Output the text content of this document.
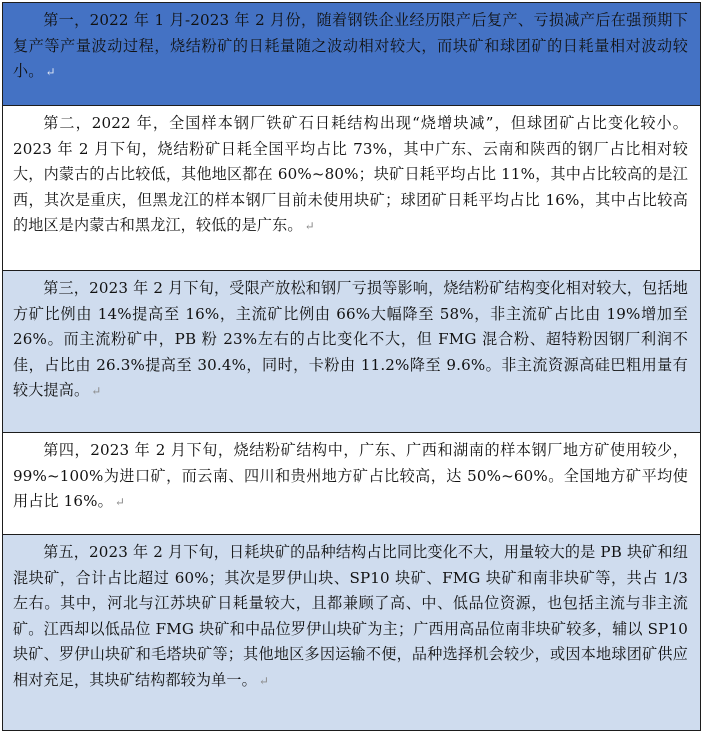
第一，2022 年 1 月-2023 年 2 月份，随着钢铁企业经历限产后复产、亏损减产后在强预期下复产等产量波动过程，烧结粉矿的日耗量随之波动相对较大，而块矿和球团矿的日耗量相对波动较小。 ↵
第二，2022 年，全国样本钢厂铁矿石日耗结构出现“烧增块减”，但球团矿占比变化较小。2023 年 2 月下旬，烧结粉矿日耗全国平均占比 73%，其中广东、云南和陕西的钢厂占比相对较大，内蒙古的占比较低，其他地区都在 60%~80%；块矿日耗平均占比 11%，其中占比较高的是江西，其次是重庆，但黑龙江的样本钢厂目前未使用块矿；球团矿日耗平均占比 16%，其中占比较高的地区是内蒙古和黑龙江，较低的是广东。 ↵
第三，2023 年 2 月下旬，受限产放松和钢厂亏损等影响，烧结粉矿结构变化相对较大，包括地方矿比例由 14%提高至 16%，主流矿比例由 66%大幅降至 58%，非主流矿占比由 19%增加至 26%。而主流粉矿中，PB 粉 23%左右的占比变化不大，但 FMG 混合粉、超特粉因钢厂利润不佳，占比由 26.3%提高至 30.4%，同时，卡粉由 11.2%降至 9.6%。非主流资源高硅巴粗用量有较大提高。 ↵
第四，2023 年 2 月下旬，烧结粉矿结构中，广东、广西和湖南的样本钢厂地方矿使用较少，99%~100%为进口矿，而云南、四川和贵州地方矿占比较高，达 50%~60%。全国地方矿平均使用占比 16%。 ↵
第五，2023 年 2 月下旬，日耗块矿的品种结构占比同比变化不大，用量较大的是 PB 块矿和纽混块矿，合计占比超过 60%；其次是罗伊山块、SP10 块矿、FMG 块矿和南非块矿等，共占 1/3 左右。其中，河北与江苏块矿日耗量较大，且都兼顾了高、中、低品位资源，也包括主流与非主流矿。江西却以低品位 FMG 块矿和中品位罗伊山块矿为主；广西用高品位南非块矿较多，辅以 SP10 块矿、罗伊山块矿和毛塔块矿等；其他地区多因运输不便，品种选择机会较少，或因本地球团矿供应相对充足，其块矿结构都较为单一。 ↵
